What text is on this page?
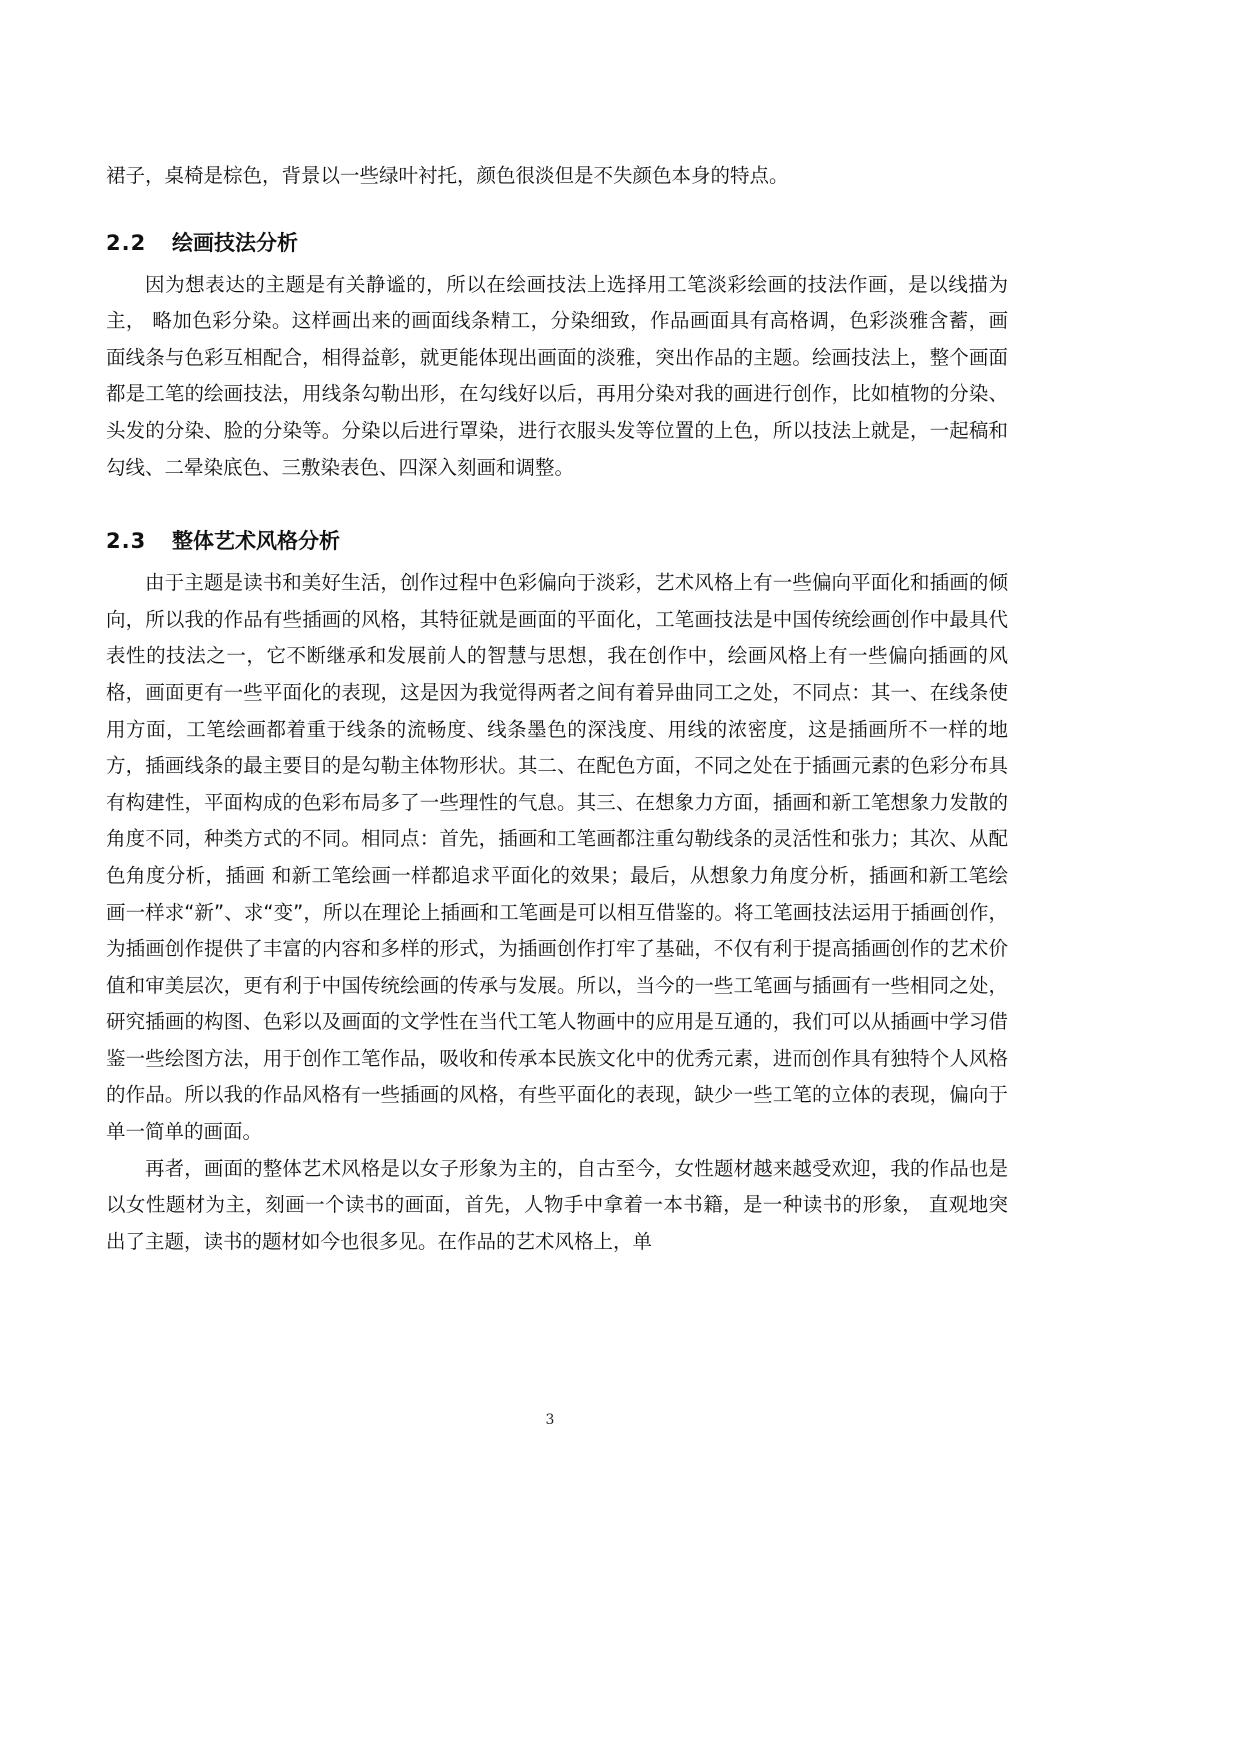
裙子，桌椅是棕色，背景以一些绿叶衬托，颜色很淡但是不失颜色本身的特点。

2.2	绘画技法分析

因为想表达的主题是有关静谧的，所以在绘画技法上选择用工笔淡彩绘画的技法作画，是以线描为主， 略加色彩分染。这样画出来的画面线条精工，分染细致，作品画面具有高格调，色彩淡雅含蓄，画面线条与色彩互相配合，相得益彰，就更能体现出画面的淡雅，突出作品的主题。绘画技法上，整个画面都是工笔的绘画技法，用线条勾勒出形，在勾线好以后，再用分染对我的画进行创作，比如植物的分染、头发的分染、脸的分染等。分染以后进行罩染，进行衣服头发等位置的上色，所以技法上就是，一起稿和勾线、二晕染底色、三敷染表色、四深入刻画和调整。

2.3	整体艺术风格分析

由于主题是读书和美好生活，创作过程中色彩偏向于淡彩，艺术风格上有一些偏向平面化和插画的倾向，所以我的作品有些插画的风格，其特征就是画面的平面化，工笔画技法是中国传统绘画创作中最具代表性的技法之一，它不断继承和发展前人的智慧与思想，我在创作中，绘画风格上有一些偏向插画的风格，画面更有一些平面化的表现，这是因为我觉得两者之间有着异曲同工之处，不同点：其一、在线条使用方面，工笔绘画都着重于线条的流畅度、线条墨色的深浅度、用线的浓密度，这是插画所不一样的地方，插画线条的最主要目的是勾勒主体物形状。其二、在配色方面，不同之处在于插画元素的色彩分布具有构建性，平面构成的色彩布局多了一些理性的气息。其三、在想象力方面，插画和新工笔想象力发散的角度不同，种类方式的不同。相同点：首先，插画和工笔画都注重勾勒线条的灵活性和张力；其次、从配色角度分析，插画 和新工笔绘画一样都追求平面化的效果；最后，从想象力角度分析，插画和新工笔绘画一样求“新”、求“变”，所以在理论上插画和工笔画是可以相互借鉴的。将工笔画技法运用于插画创作，为插画创作提供了丰富的内容和多样的形式，为插画创作打牢了基础，不仅有利于提高插画创作的艺术价值和审美层次，更有利于中国传统绘画的传承与发展。所以，当今的一些工笔画与插画有一些相同之处，研究插画的构图、色彩以及画面的文学性在当代工笔人物画中的应用是互通的，我们可以从插画中学习借鉴一些绘图方法，用于创作工笔作品，吸收和传承本民族文化中的优秀元素，进而创作具有独特个人风格的作品。所以我的作品风格有一些插画的风格，有些平面化的表现，缺少一些工笔的立体的表现，偏向于单一简单的画面。

再者，画面的整体艺术风格是以女子形象为主的，自古至今，女性题材越来越受欢迎，我的作品也是以女性题材为主，刻画一个读书的画面，首先，人物手中拿着一本书籍，是一种读书的形象， 直观地突出了主题，读书的题材如今也很多见。在作品的艺术风格上，单

3
